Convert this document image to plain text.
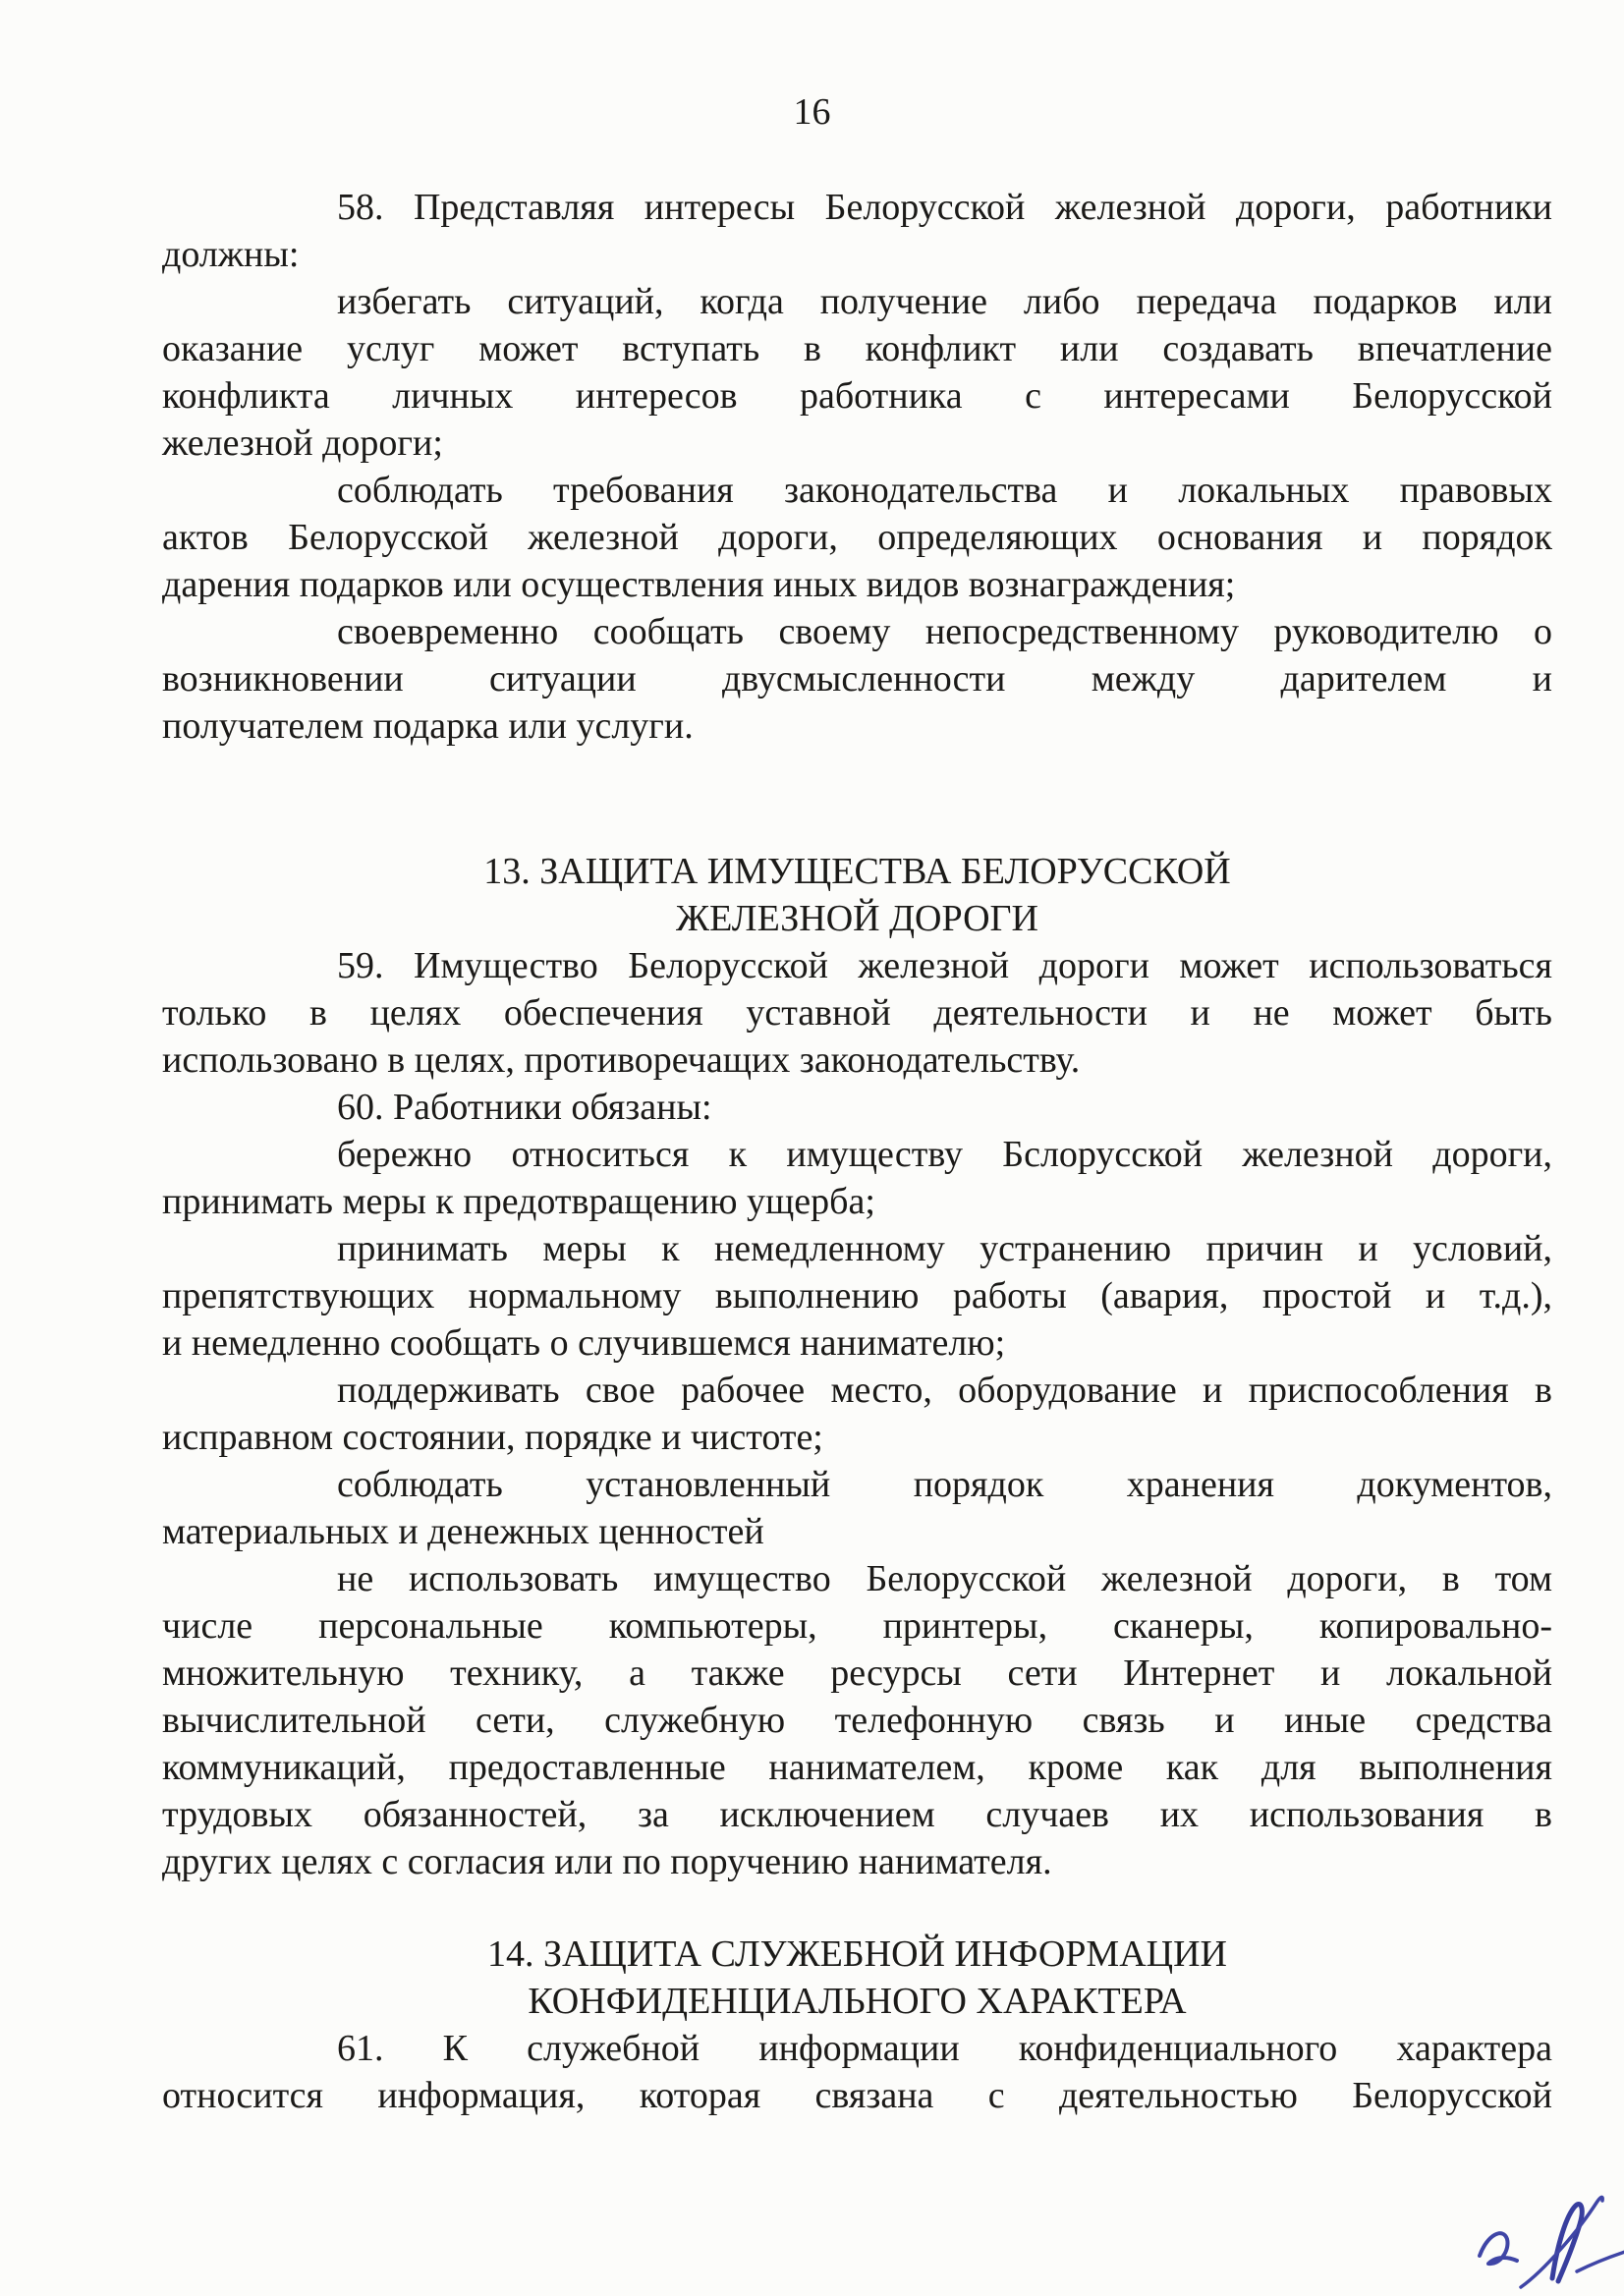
16
58. Представляя интересы Белорусской железной дороги, работники
должны:
избегать ситуаций, когда получение либо передача подарков или
оказание услуг может вступать в конфликт или создавать впечатление
конфликта личных интересов работника с интересами Белорусской
железной дороги;
соблюдать требования законодательства и локальных правовых
актов Белорусской железной дороги, определяющих основания и порядок
дарения подарков или осуществления иных видов вознаграждения;
своевременно сообщать своему непосредственному руководителю о
возникновении ситуации двусмысленности между дарителем и
получателем подарка или услуги.
13. ЗАЩИТА ИМУЩЕСТВА БЕЛОРУССКОЙ
ЖЕЛЕЗНОЙ ДОРОГИ
59. Имущество Белорусской железной дороги может использоваться
только в целях обеспечения уставной деятельности и не может быть
использовано в целях, противоречащих законодательству.
60. Работники обязаны:
бережно относиться к имуществу Бслорусской железной дороги,
принимать меры к предотвращению ущерба;
принимать меры к немедленному устранению причин и условий,
препятствующих нормальному выполнению работы (авария, простой и т.д.),
и немедленно сообщать о случившемся нанимателю;
поддерживать свое рабочее место, оборудование и приспособления в
исправном состоянии, порядке и чистоте;
соблюдать установленный порядок хранения документов,
материальных и денежных ценностей
не использовать имущество Белорусской железной дороги, в том
числе персональные компьютеры, принтеры, сканеры, копировально-
множительную технику, а также ресурсы сети Интернет и локальной
вычислительной сети, служебную телефонную связь и иные средства
коммуникаций, предоставленные нанимателем, кроме как для выполнения
трудовых обязанностей, за исключением случаев их использования в
других целях с согласия или по поручению нанимателя.
14. ЗАЩИТА СЛУЖЕБНОЙ ИНФОРМАЦИИ
КОНФИДЕНЦИАЛЬНОГО ХАРАКТЕРА
61. К служебной информации конфиденциального характера
относится информация, которая связана с деятельностью Белорусской
